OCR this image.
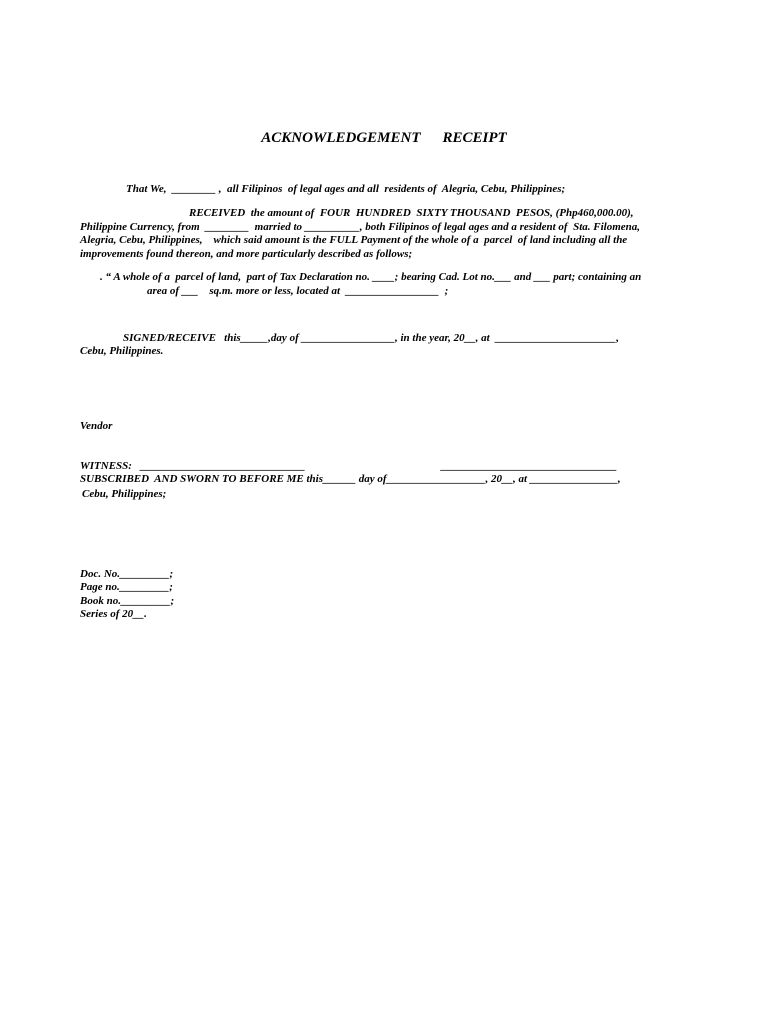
ACKNOWLEDGEMENT RECEIPT
That We,  ________ ,  all Filipinos  of legal ages and all  residents of  Alegria, Cebu, Philippines;
RECEIVED  the amount of  FOUR  HUNDRED  SIXTY THOUSAND  PESOS, (Php460,000.00),
Philippine Currency, from  ________  married to __________, both Filipinos of legal ages and a resident of  Sta. Filomena,
Alegria, Cebu, Philippines,    which said amount is the FULL Payment of the whole of a  parcel  of land including all the
improvements found thereon, and more particularly described as follows;
. “ A whole of a  parcel of land,  part of Tax Declaration no. ____; bearing Cad. Lot no.___ and ___ part; containing an
area of ___    sq.m. more or less, located at  _________________  ;
SIGNED/RECEIVE   this_____,day of _________________, in the year, 20__, at  ______________________,
Cebu, Philippines.
Vendor
WITNESS:   ______________________________	________________________________
SUBSCRIBED  AND SWORN TO BEFORE ME this______ day of__________________, 20__, at ________________,
Cebu, Philippines;
Doc. No._________;
Page no._________;
Book no._________;
Series of 20__.
